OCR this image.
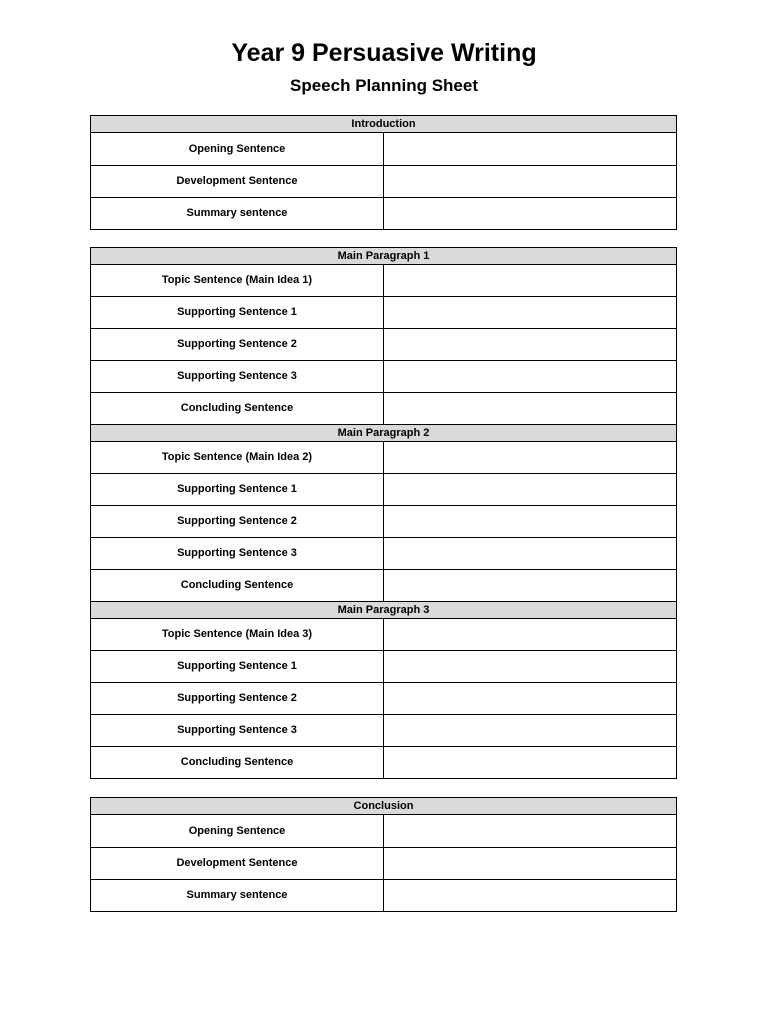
Year 9 Persuasive Writing
Speech Planning Sheet
Introduction	
Opening Sentence	
Development Sentence	
Summary sentence	
Main Paragraph 1	
Topic Sentence (Main Idea 1)	
Supporting Sentence 1	
Supporting Sentence 2	
Supporting Sentence 3	
Concluding Sentence	
Main Paragraph 2	
Topic Sentence (Main Idea 2)	
Supporting Sentence 1	
Supporting Sentence 2	
Supporting Sentence 3	
Concluding Sentence	
Main Paragraph 3	
Topic Sentence (Main Idea 3)	
Supporting Sentence 1	
Supporting Sentence 2	
Supporting Sentence 3	
Concluding Sentence	
Conclusion	
Opening Sentence	
Development Sentence	
Summary sentence	
